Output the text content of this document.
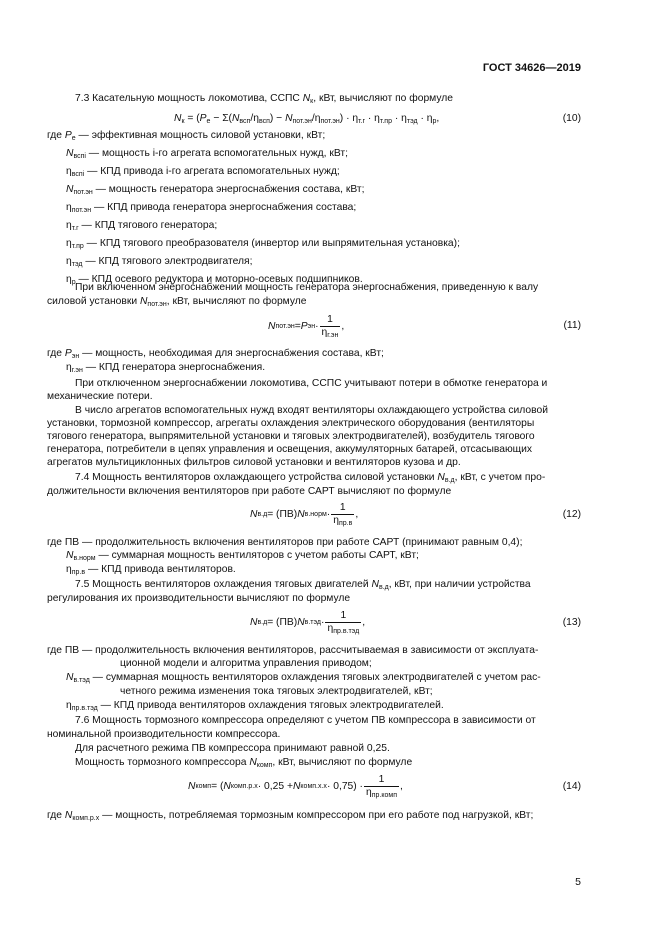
ГОСТ 34626—2019
7.3 Касательную мощность локомотива, ССПС $N_к$, кВт, вычисляют по формуле
$N_к = (P_е - \Sigma(N_{всп}/\eta_{всп}) - N_{пот.эн}/\eta_{пот.эн}) \cdot \eta_{т.г} \cdot \eta_{т.пр} \cdot \eta_{тэд} \cdot \eta_р$,	(10)
где $P_е$ — эффективная мощность силовой установки, кВт;
$N_{вспi}$ — мощность i-го агрегата вспомогательных нужд, кВт;
$\eta_{вспi}$ — КПД привода i-го агрегата вспомогательных нужд;
$N_{пот.эн}$ — мощность генератора энергоснабжения состава, кВт;
$\eta_{пот.эн}$ — КПД привода генератора энергоснабжения состава;
$\eta_{т.г}$ — КПД тягового генератора;
$\eta_{т.пр}$ — КПД тягового преобразователя (инвертор или выпрямительная установка);
$\eta_{тэд}$ — КПД тягового электродвигателя;
$\eta_р$ — КПД осевого редуктора и моторно-осевых подшипников.
При включенном энергоснабжении мощность генератора энергоснабжения, приведенную к валу
силовой установки $N_{пот.эн}$, кВт, вычисляют по формуле
N пот.эн = P эн · $\frac{1}{\eta_{г.эн}}$ ,	(11)
где $P_{эн}$ — мощность, необходимая для энергоснабжения состава, кВт;
$\eta_{г.эн}$ — КПД генератора энергоснабжения.
При отключенном энергоснабжении локомотива, ССПС учитывают потери в обмотке генератора и
механические потери.
В число агрегатов вспомогательных нужд входят вентиляторы охлаждающего устройства силовой
установки, тормозной компрессор, агрегаты охлаждения электрического оборудования (вентиляторы
тягового генератора, выпрямительной установки и тяговых электродвигателей), возбудитель тягового
генератора, потребители в цепях управления и освещения, аккумуляторных батарей, отсасывающих
агрегатов мультициклонных фильтров силовой установки и вентиляторов кузова и др.
7.4 Мощность вентиляторов охлаждающего устройства силовой установки $N_{в.д}$, кВт, с учетом про-
должительности включения вентиляторов при работе САРТ вычисляют по формуле
N в.д = (ПВ) N в.норм · $\frac{1}{\eta_{пр.в}}$ ,	(12)
где ПВ — продолжительность включения вентиляторов при работе САРТ (принимают равным 0,4);
$N_{в.норм}$ — суммарная мощность вентиляторов с учетом работы САРТ, кВт;
$\eta_{пр.в}$ — КПД привода вентиляторов.
7.5 Мощность вентиляторов охлаждения тяговых двигателей $N_{в.д}$, кВт, при наличии устройства
регулирования их производительности вычисляют по формуле
N в.д = (ПВ) N $в.тэд \cdot \frac{1}{\eta_{пр.в.тэд}}$ ,	(13)
где ПВ — продолжительность включения вентиляторов, рассчитываемая в зависимости от эксплуата-
ционной модели и алгоритма управления приводом;
$N_{в.тэд}$ — суммарная мощность вентиляторов охлаждения тяговых электродвигателей с учетом рас-
четного режима изменения тока тяговых электродвигателей, кВт;
$\eta_{пр.в.тэд}$ — КПД привода вентиляторов охлаждения тяговых электродвигателей.
7.6 Мощность тормозного компрессора определяют с учетом ПВ компрессора в зависимости от
номинальной производительности компрессора.
Для расчетного режима ПВ компрессора принимают равной 0,25.
Мощность тормозного компрессора $N_{комп}$, кВт, вычисляют по формуле
N комп = ( N комп.р.х · 0,25 + N комп.х.х · $0,75) \cdot \frac{1}{\eta_{пр.комп}}$ ,	(14)
где $N_{комп.р.х}$ — мощность, потребляемая тормозным компрессором при его работе под нагрузкой, кВт;
5
